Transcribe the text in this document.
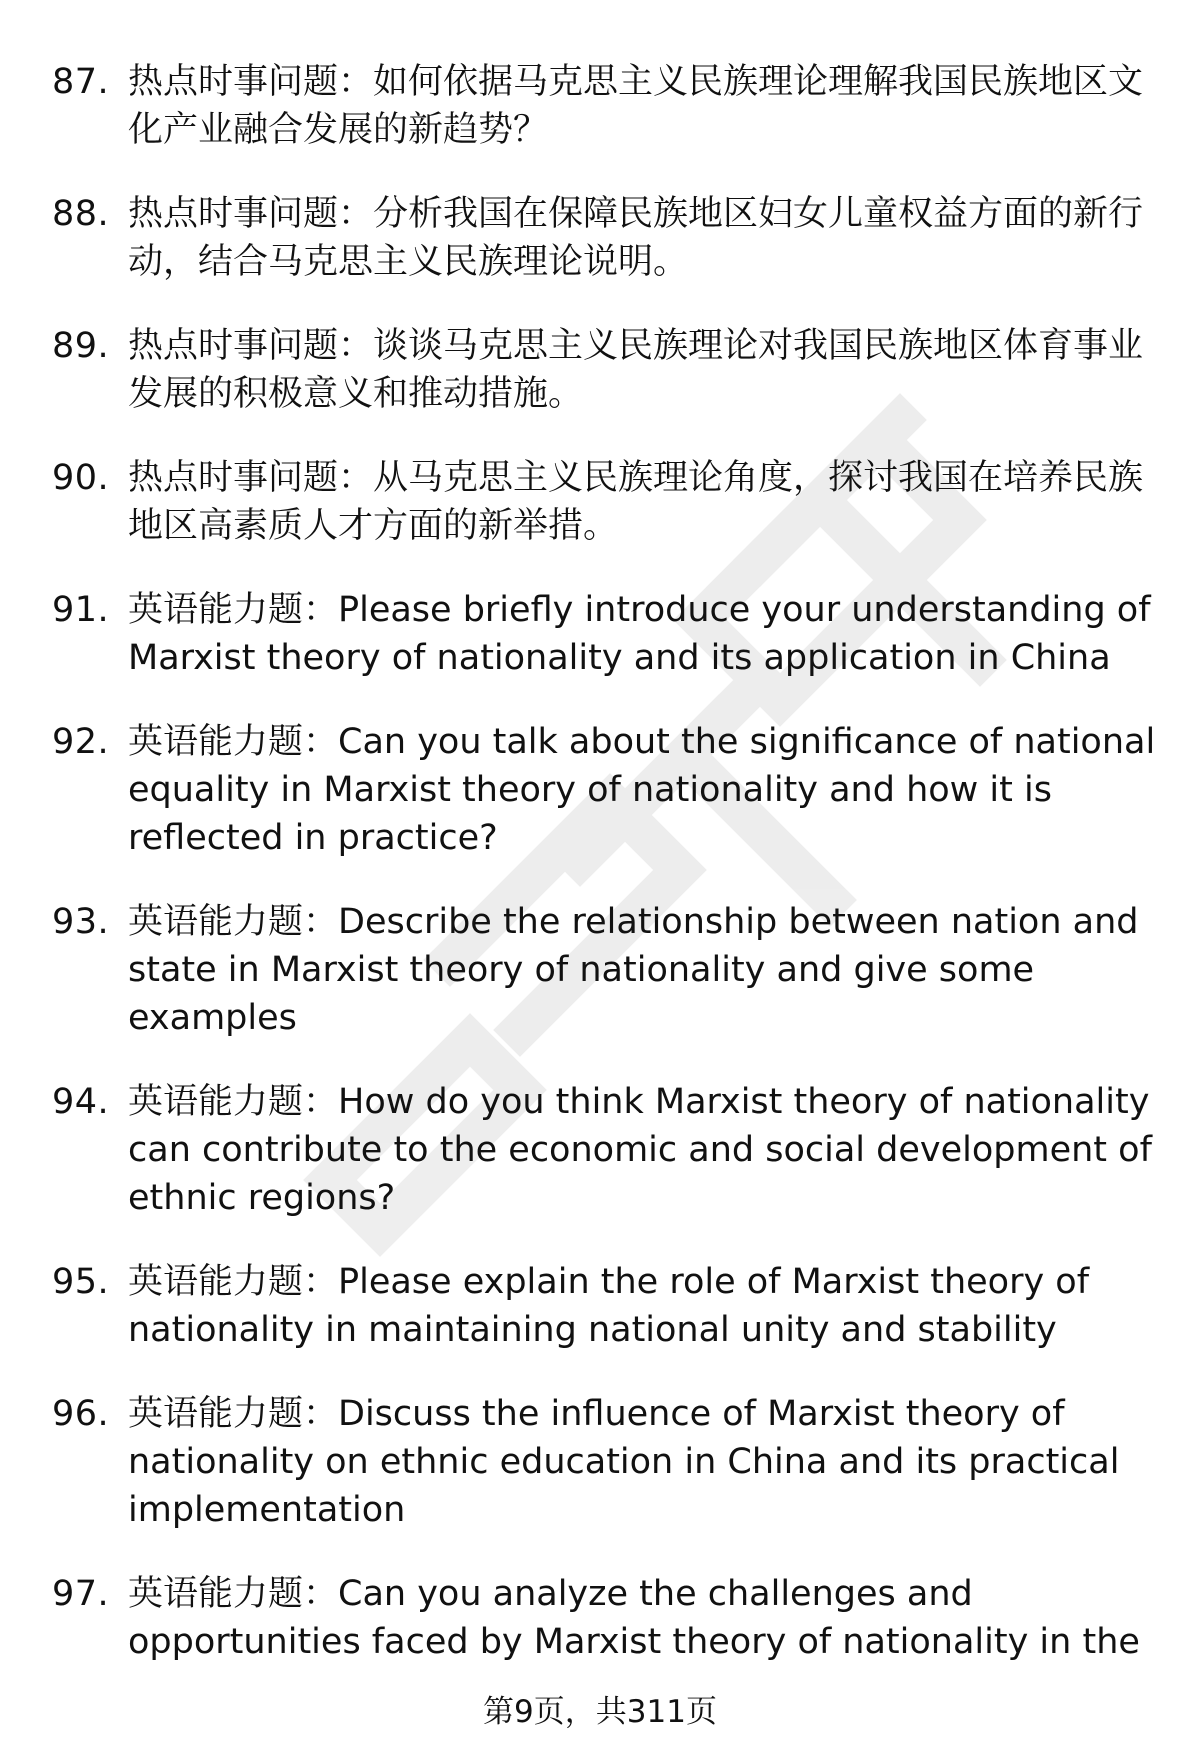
87. 热点时事问题：如何依据马克思主义民族理论理解我国民族地区文化产业融合发展的新趋势？
88. 热点时事问题：分析我国在保障民族地区妇女儿童权益方面的新行动，结合马克思主义民族理论说明。
89. 热点时事问题：谈谈马克思主义民族理论对我国民族地区体育事业发展的积极意义和推动措施。
90. 热点时事问题：从马克思主义民族理论角度，探讨我国在培养民族地区高素质人才方面的新举措。
91. 英语能力题：Please briefly introduce your understanding of Marxist theory of nationality and its application in China
92. 英语能力题：Can you talk about the significance of national equality in Marxist theory of nationality and how it is reflected in practice?
93. 英语能力题：Describe the relationship between nation and state in Marxist theory of nationality and give some examples
94. 英语能力题：How do you think Marxist theory of nationality can contribute to the economic and social development of ethnic regions?
95. 英语能力题：Please explain the role of Marxist theory of nationality in maintaining national unity and stability
96. 英语能力题：Discuss the influence of Marxist theory of nationality on ethnic education in China and its practical implementation
97. 英语能力题：Can you analyze the challenges and opportunities faced by Marxist theory of nationality in the
第9页，共311页
